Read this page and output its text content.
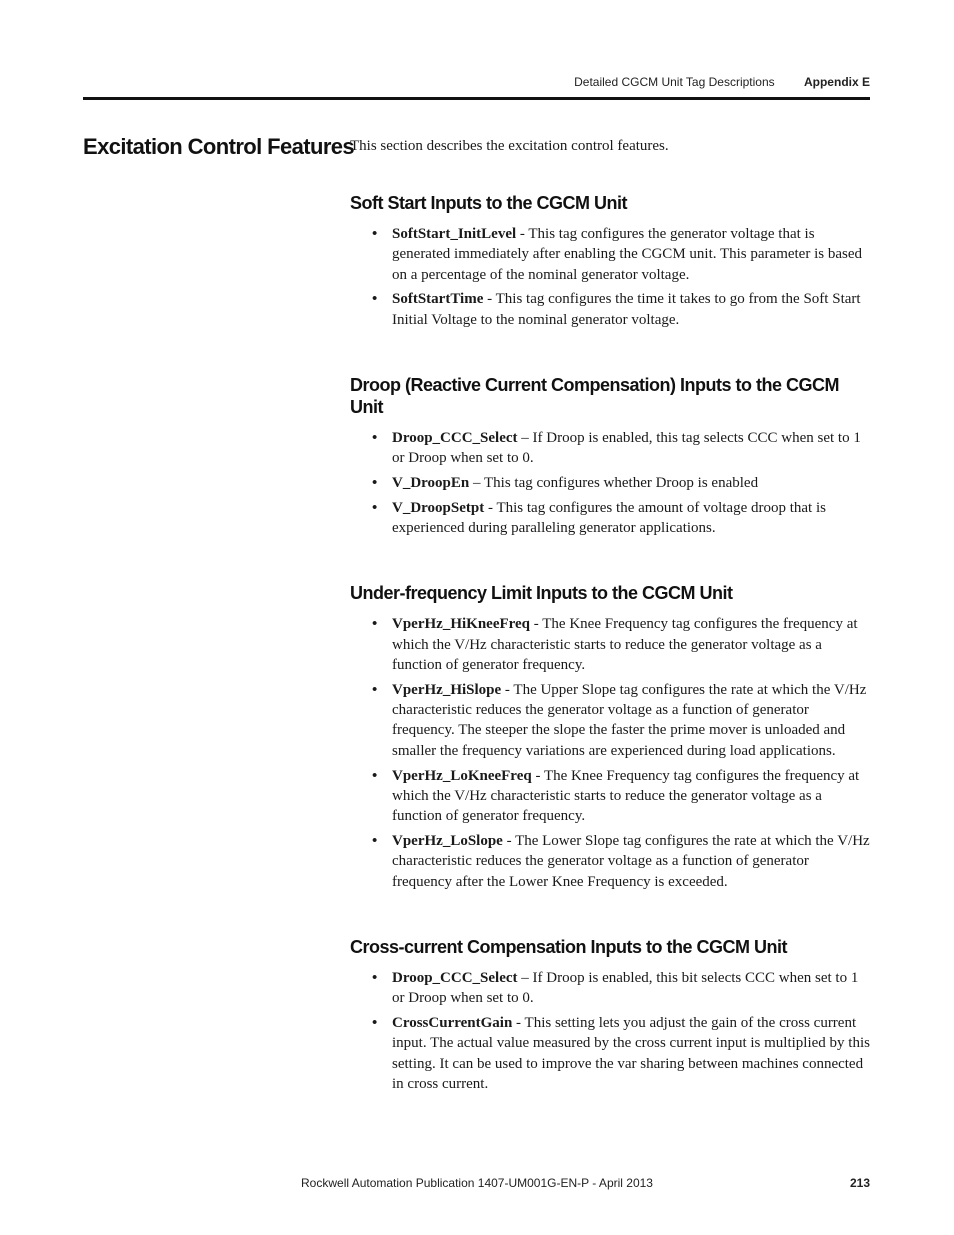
Detailed CGCM Unit Tag Descriptions Appendix E
Excitation Control Features

This section describes the excitation control features.

Soft Start Inputs to the CGCM Unit
• SoftStart_InitLevel - This tag configures the generator voltage that is generated immediately after enabling the CGCM unit. This parameter is based on a percentage of the nominal generator voltage.
• SoftStartTime - This tag configures the time it takes to go from the Soft Start Initial Voltage to the nominal generator voltage.
Droop (Reactive Current Compensation) Inputs to the CGCM Unit
• Droop_CCC_Select – If Droop is enabled, this tag selects CCC when set to 1 or Droop when set to 0.
• V_DroopEn – This tag configures whether Droop is enabled
• V_DroopSetpt - This tag configures the amount of voltage droop that is experienced during paralleling generator applications.
Under-frequency Limit Inputs to the CGCM Unit
• VperHz_HiKneeFreq - The Knee Frequency tag configures the frequency at which the V/Hz characteristic starts to reduce the generator voltage as a function of generator frequency.
• VperHz_HiSlope - The Upper Slope tag configures the rate at which the V/Hz characteristic reduces the generator voltage as a function of generator frequency. The steeper the slope the faster the prime mover is unloaded and smaller the frequency variations are experienced during load applications.
• VperHz_LoKneeFreq - The Knee Frequency tag configures the frequency at which the V/Hz characteristic starts to reduce the generator voltage as a function of generator frequency.
• VperHz_LoSlope - The Lower Slope tag configures the rate at which the V/Hz characteristic reduces the generator voltage as a function of generator frequency after the Lower Knee Frequency is exceeded.
Cross-current Compensation Inputs to the CGCM Unit
• Droop_CCC_Select – If Droop is enabled, this bit selects CCC when set to 1 or Droop when set to 0.
• CrossCurrentGain - This setting lets you adjust the gain of the cross current input. The actual value measured by the cross current input is multiplied by this setting. It can be used to improve the var sharing between machines connected in cross current.
Rockwell Automation Publication 1407-UM001G-EN-P - April 2013	213
